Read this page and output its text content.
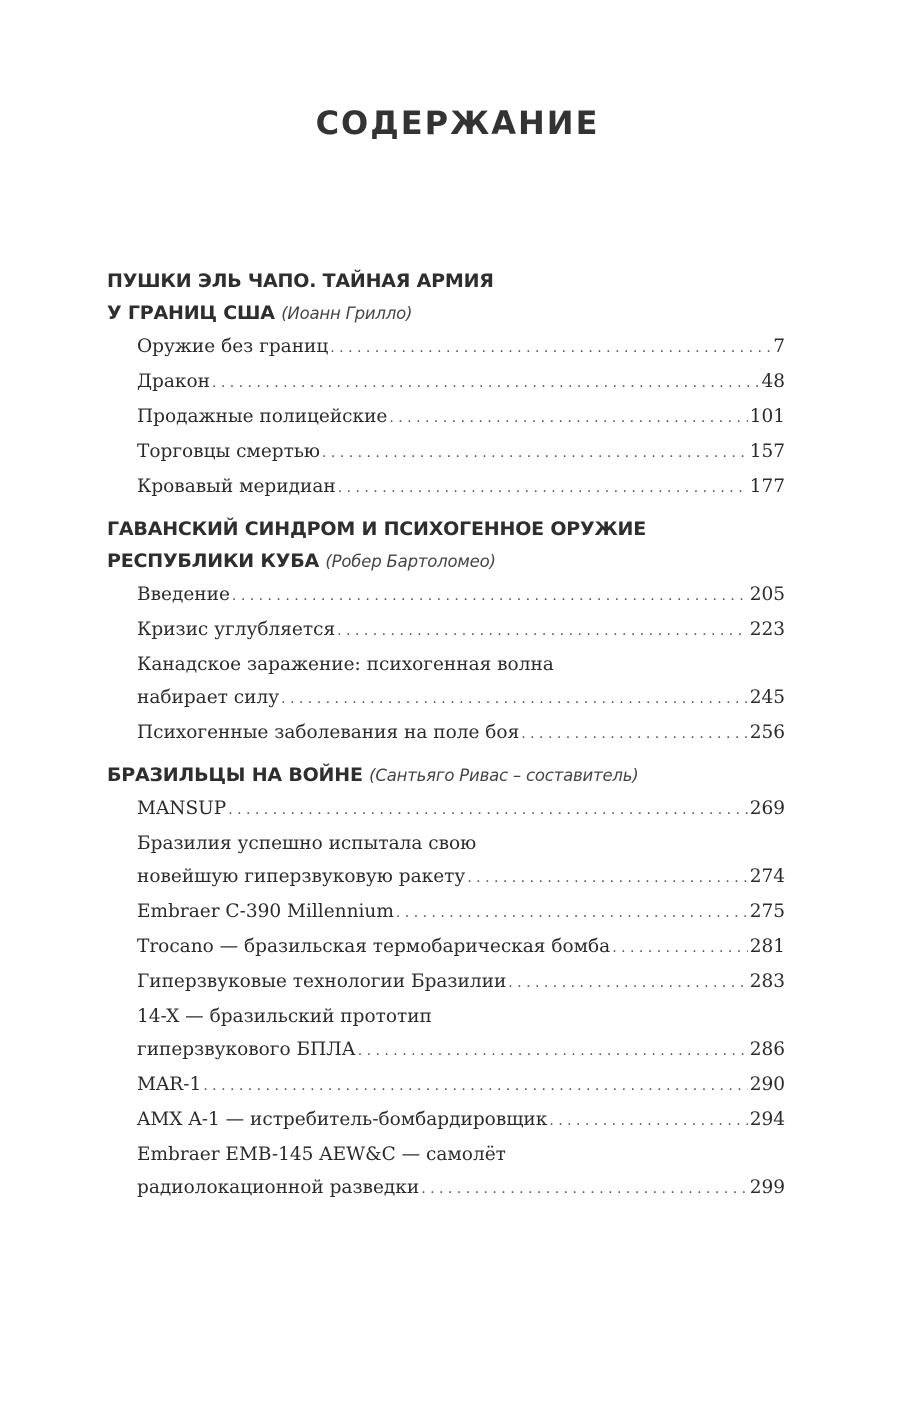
СОДЕРЖАНИЕ
ПУШКИ ЭЛЬ ЧАПО. ТАЙНАЯ АРМИЯ
У ГРАНИЦ США (Иоанн Грилло)
Оружие без границ . . .	7
Дракон . . .	48
Продажные полицейские . . .	101
Торговцы смертью . . .	157
Кровавый меридиан . . .	177
ГАВАНСКИЙ СИНДРОМ И ПСИХОГЕННОЕ ОРУЖИЕ
РЕСПУБЛИКИ КУБА (Робер Бартоломео)
Введение . . .	205
Кризис углубляется . . .	223
Канадское заражение: психогенная волна
набирает силу . . .	245
Психогенные заболевания на поле боя . . .	256
БРАЗИЛЬЦЫ НА ВОЙНЕ (Сантьяго Ривас – составитель)
MANSUP . . .	269
Бразилия успешно испытала свою
новейшую гиперзвуковую ракету . . .	274
Embraer C-390 Millennium . . .	275
Trocano — бразильская термобарическая бомба . . .	281
Гиперзвуковые технологии Бразилии . . .	283
14-X — бразильский прототип
гиперзвукового БПЛА . . .	286
MAR-1 . . .	290
AMX A-1 — истребитель-бомбардировщик . . .	294
Embraer EMB-145 AEW&C — самолёт
радиолокационной разведки . . .	299
